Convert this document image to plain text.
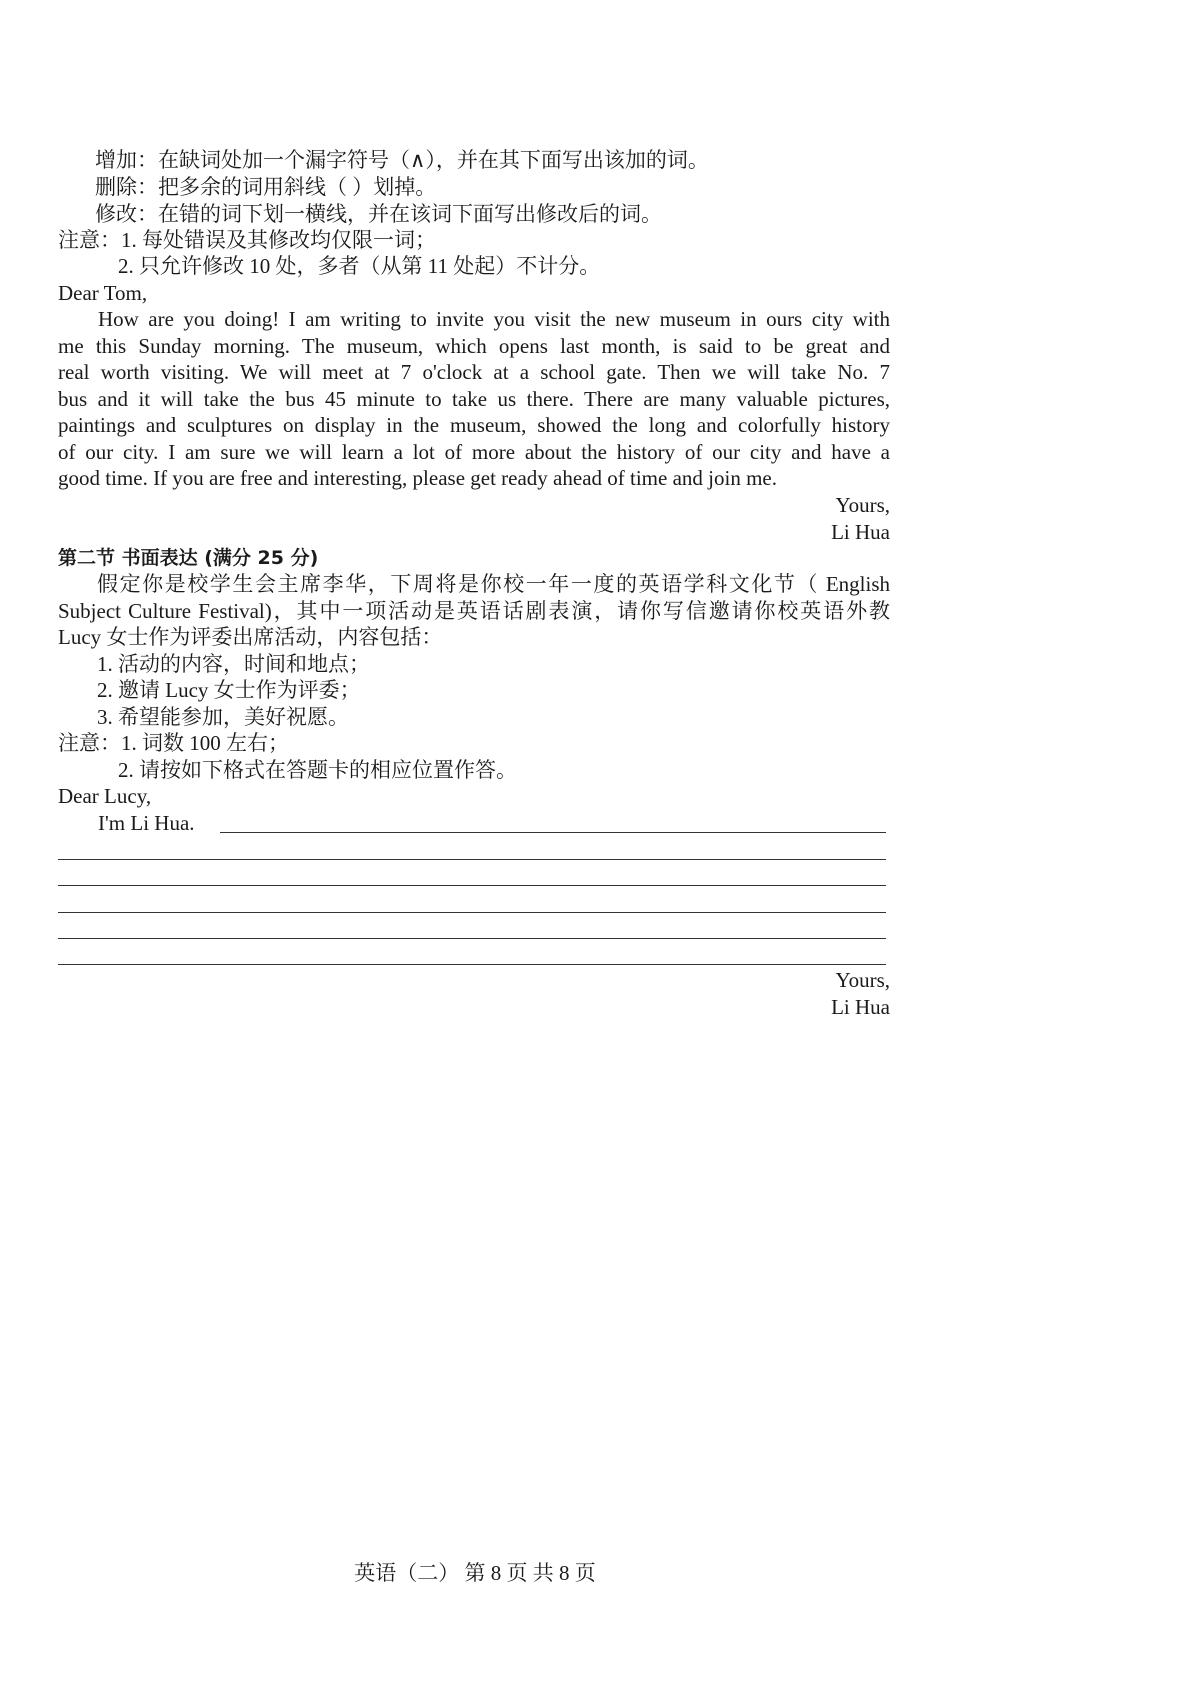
增加：在缺词处加一个漏字符号（∧），并在其下面写出该加的词。
删除：把多余的词用斜线（ ）划掉。
修改：在错的词下划一横线，并在该词下面写出修改后的词。
注意：1. 每处错误及其修改均仅限一词；
2. 只允许修改 10 处，多者（从第 11 处起）不计分。
Dear Tom,
How are you doing! I am writing to invite you visit the new museum in ours city with
me this Sunday morning. The museum, which opens last month, is said to be great and
real worth visiting. We will meet at 7 o'clock at a school gate. Then we will take No. 7
bus and it will take the bus 45 minute to take us there. There are many valuable pictures,
paintings and sculptures on display in the museum, showed the long and colorfully history
of our city. I am sure we will learn a lot of more about the history of our city and have a
good time. If you are free and interesting, please get ready ahead of time and join me.
Yours,
Li Hua
第二节 书面表达 (满分 25 分)
假定你是校学生会主席李华，下周将是你校一年一度的英语学科文化节（ English
Subject Culture Festival)，其中一项活动是英语话剧表演，请你写信邀请你校英语外教
Lucy 女士作为评委出席活动，内容包括：
1. 活动的内容，时间和地点；
2. 邀请 Lucy 女士作为评委；
3. 希望能参加，美好祝愿。
注意：1. 词数 100 左右；
2. 请按如下格式在答题卡的相应位置作答。
Dear Lucy,
I'm Li Hua.
Yours,
Li Hua
英语（二） 第 8 页 共 8 页
